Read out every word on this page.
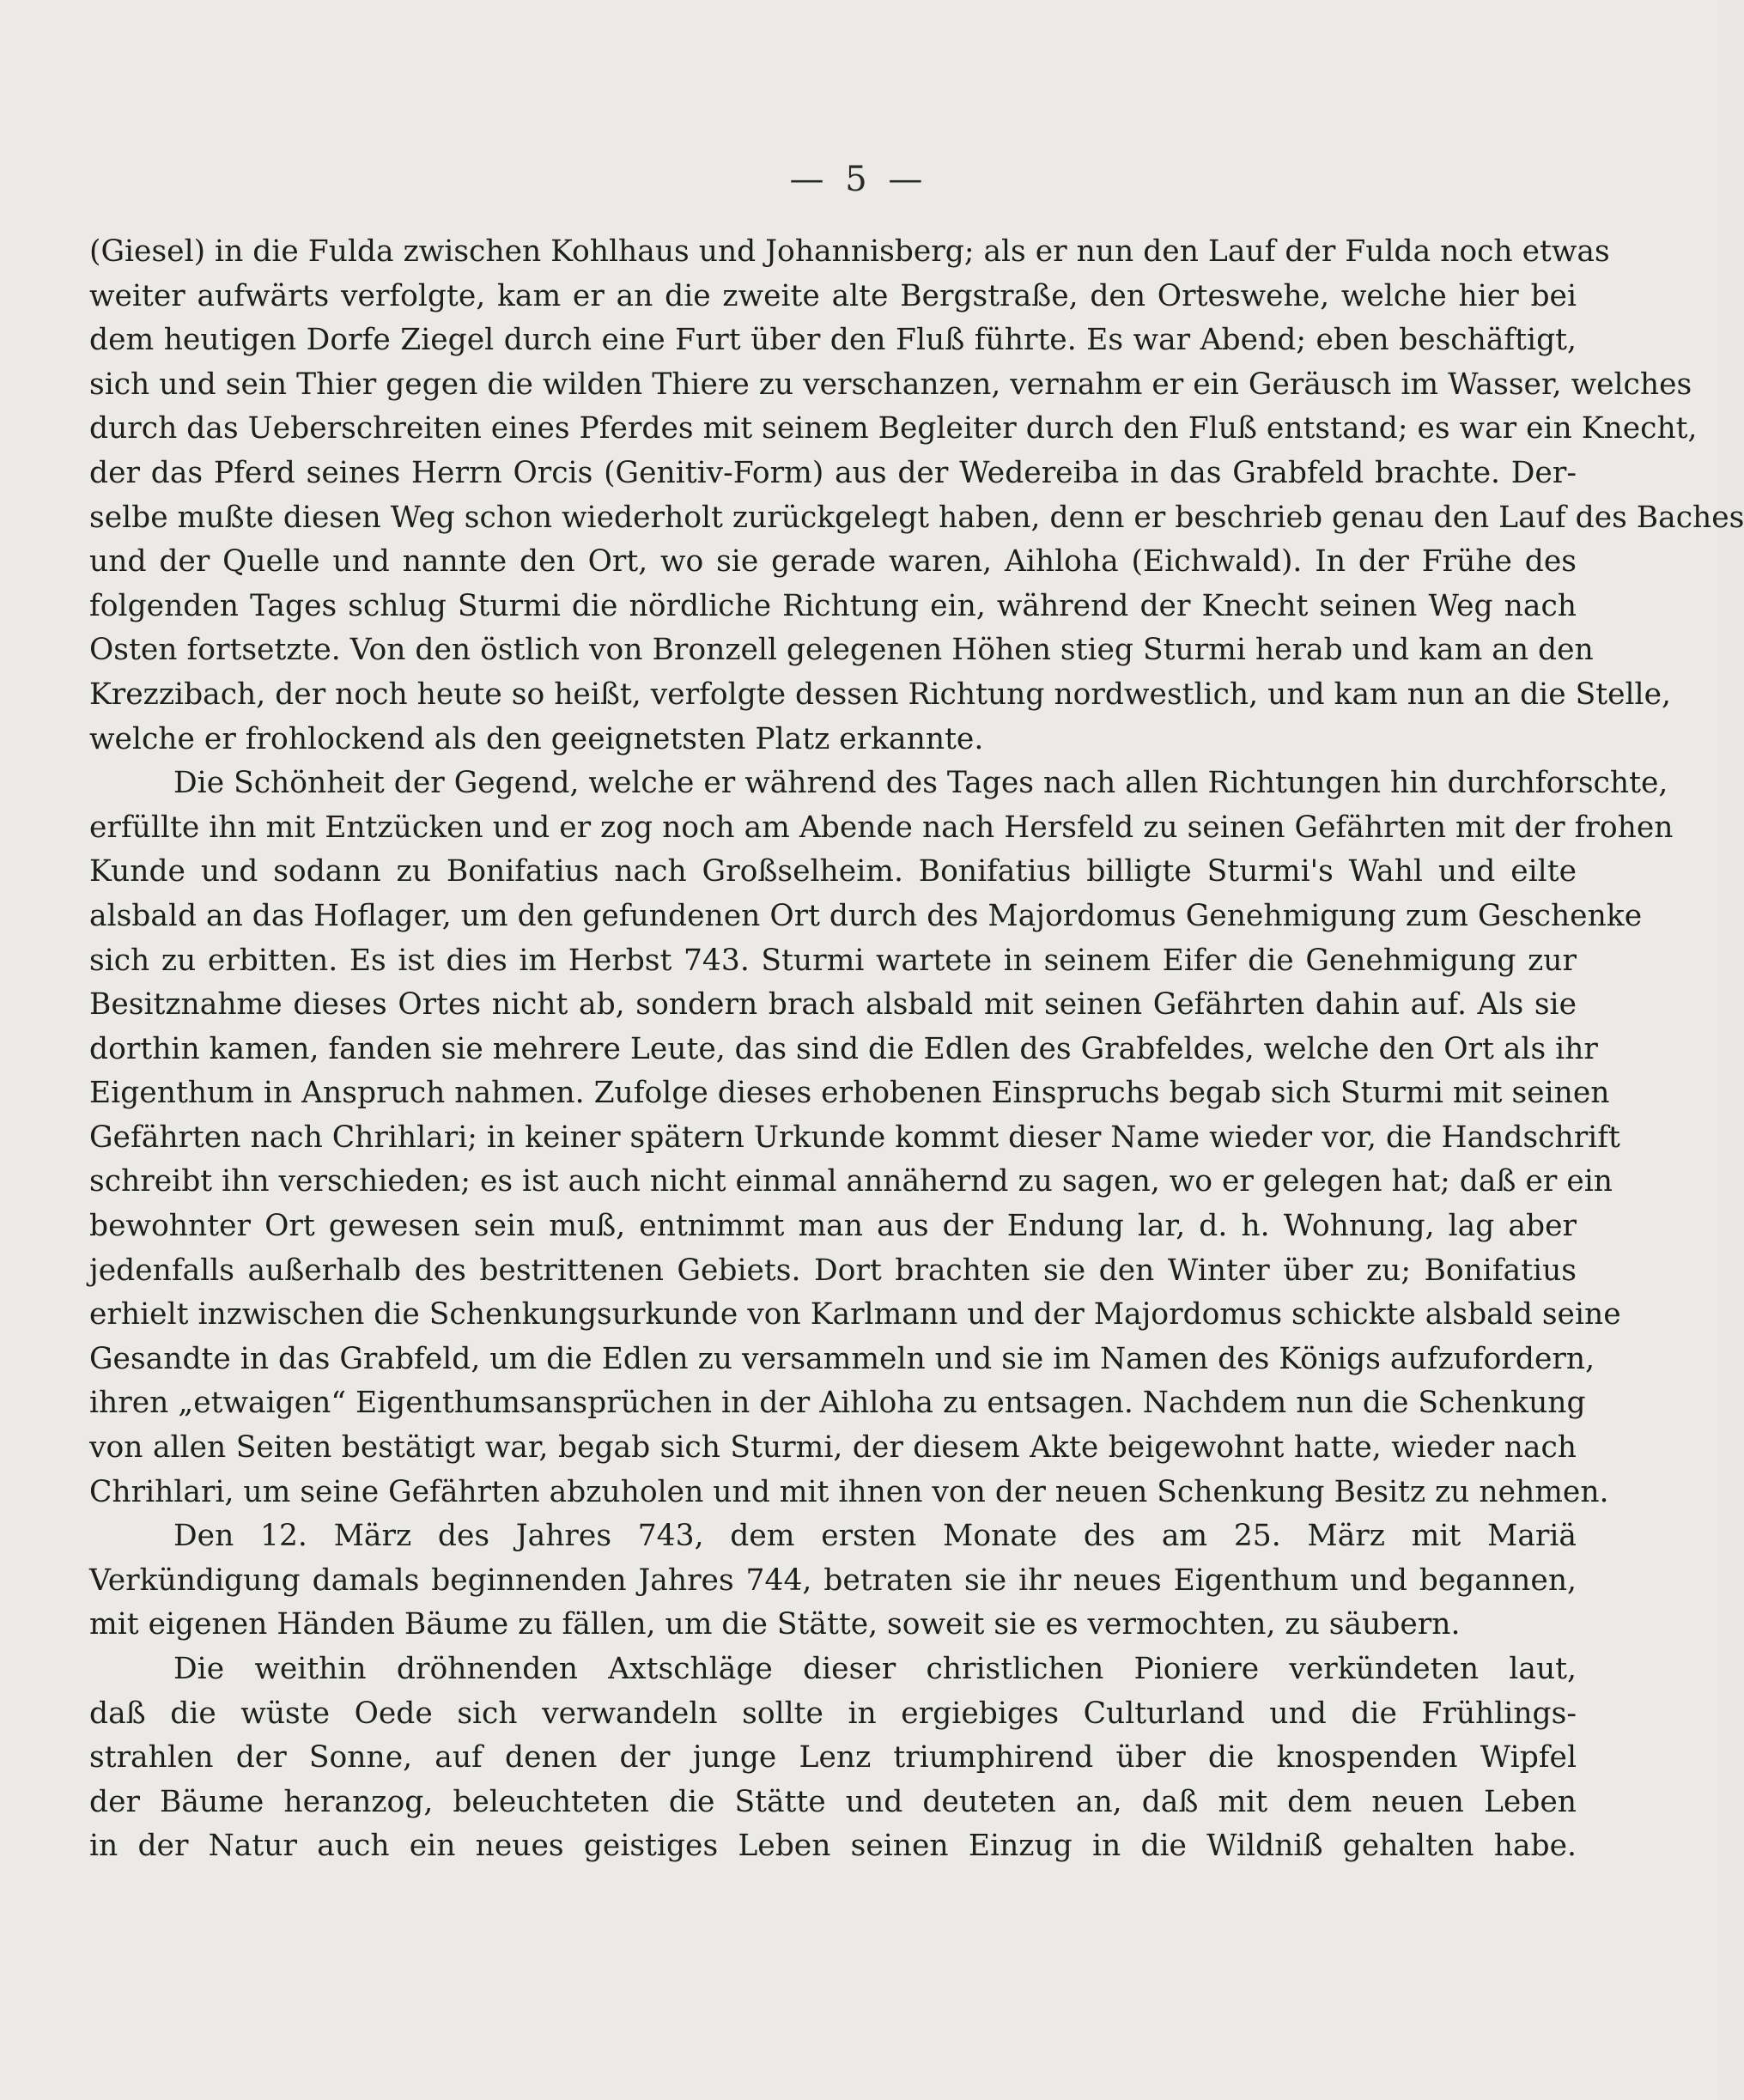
— 5 —
(Giesel) in die Fulda zwischen Kohlhaus und Johannisberg; als er nun den Lauf der Fulda noch etwas
weiter aufwärts verfolgte, kam er an die zweite alte Bergstraße, den Orteswehe, welche hier bei
dem heutigen Dorfe Ziegel durch eine Furt über den Fluß führte. Es war Abend; eben beschäftigt,
sich und sein Thier gegen die wilden Thiere zu verschanzen, vernahm er ein Geräusch im Wasser, welches
durch das Ueberschreiten eines Pferdes mit seinem Begleiter durch den Fluß entstand; es war ein Knecht,
der das Pferd seines Herrn Orcis (Genitiv-Form) aus der Wedereiba in das Grabfeld brachte. Der-
selbe mußte diesen Weg schon wiederholt zurückgelegt haben, denn er beschrieb genau den Lauf des Baches
und der Quelle und nannte den Ort, wo sie gerade waren, Aihloha (Eichwald). In der Frühe des
folgenden Tages schlug Sturmi die nördliche Richtung ein, während der Knecht seinen Weg nach
Osten fortsetzte. Von den östlich von Bronzell gelegenen Höhen stieg Sturmi herab und kam an den
Krezzibach, der noch heute so heißt, verfolgte dessen Richtung nordwestlich, und kam nun an die Stelle,
welche er frohlockend als den geeignetsten Platz erkannte.
Die Schönheit der Gegend, welche er während des Tages nach allen Richtungen hin durchforschte,
erfüllte ihn mit Entzücken und er zog noch am Abende nach Hersfeld zu seinen Gefährten mit der frohen
Kunde und sodann zu Bonifatius nach Großselheim. Bonifatius billigte Sturmi's Wahl und eilte
alsbald an das Hoflager, um den gefundenen Ort durch des Majordomus Genehmigung zum Geschenke
sich zu erbitten. Es ist dies im Herbst 743. Sturmi wartete in seinem Eifer die Genehmigung zur
Besitznahme dieses Ortes nicht ab, sondern brach alsbald mit seinen Gefährten dahin auf. Als sie
dorthin kamen, fanden sie mehrere Leute, das sind die Edlen des Grabfeldes, welche den Ort als ihr
Eigenthum in Anspruch nahmen. Zufolge dieses erhobenen Einspruchs begab sich Sturmi mit seinen
Gefährten nach Chrihlari; in keiner spätern Urkunde kommt dieser Name wieder vor, die Handschrift
schreibt ihn verschieden; es ist auch nicht einmal annähernd zu sagen, wo er gelegen hat; daß er ein
bewohnter Ort gewesen sein muß, entnimmt man aus der Endung lar, d. h. Wohnung, lag aber
jedenfalls außerhalb des bestrittenen Gebiets. Dort brachten sie den Winter über zu; Bonifatius
erhielt inzwischen die Schenkungsurkunde von Karlmann und der Majordomus schickte alsbald seine
Gesandte in das Grabfeld, um die Edlen zu versammeln und sie im Namen des Königs aufzufordern,
ihren „etwaigen“ Eigenthumsansprüchen in der Aihloha zu entsagen. Nachdem nun die Schenkung
von allen Seiten bestätigt war, begab sich Sturmi, der diesem Akte beigewohnt hatte, wieder nach
Chrihlari, um seine Gefährten abzuholen und mit ihnen von der neuen Schenkung Besitz zu nehmen.
Den 12. März des Jahres 743, dem ersten Monate des am 25. März mit Mariä
Verkündigung damals beginnenden Jahres 744, betraten sie ihr neues Eigenthum und begannen,
mit eigenen Händen Bäume zu fällen, um die Stätte, soweit sie es vermochten, zu säubern.
Die weithin dröhnenden Axtschläge dieser christlichen Pioniere verkündeten laut,
daß die wüste Oede sich verwandeln sollte in ergiebiges Culturland und die Frühlings-
strahlen der Sonne, auf denen der junge Lenz triumphirend über die knospenden Wipfel
der Bäume heranzog, beleuchteten die Stätte und deuteten an, daß mit dem neuen Leben
in der Natur auch ein neues geistiges Leben seinen Einzug in die Wildniß gehalten habe.
